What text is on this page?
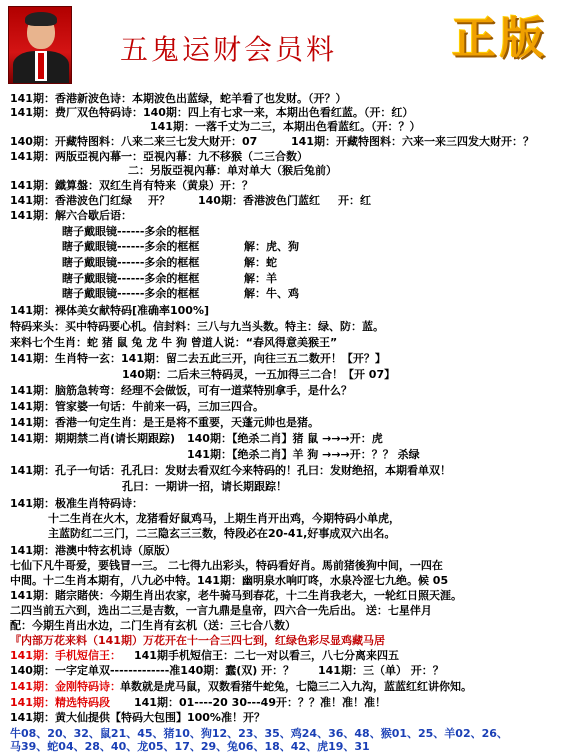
五鬼运财会员料	正版
141期：香港新波色诗：本期波色出蓝绿，蛇羊看了也发财。（开？）
141期：费厂双色特码诗：140期：四上有七求一来，本期出色看红蓝。（开：红）
141期：一落千丈为二三，本期出色看蓝红。（开：？）
140期：开藏特图料：八来二来三七发大财开：07	141期：开藏特图料：六来一来三四发大财开：？
141期：两版亞視內幕一：亞視內幕：九不移猴（二三合数）
二：另版亞視內幕：单对单大（猴后兔前）
141期：鐵算盤：双红生肖有特来（黄泉）开：？
141期：香港波色门红绿 开？	140期：香港波色门蓝红 开：红
141期：解六合歇后语：
瞎子戴眼镜------多余的框框
瞎子戴眼镜------多余的框框	解：虎、狗
瞎子戴眼镜------多余的框框	解：蛇
瞎子戴眼镜------多余的框框	解：羊
瞎子戴眼镜------多余的框框	解：牛、鸡
141期：裸体美女献特码[准确率100%]
特码来头：买中特码要心机。信封料：三八与九当头数。特主：绿、防：蓝。
来料七个生肖：蛇 猪 鼠 兔 龙 牛 狗 曾道人说：“春风得意美猴王”
141期：生肖特一玄：141期：留二去五此三开，向往三五二数开！【开？】
140期：二后未三特码灵，一五加得三二合！【开 07】
141期：脑筋急转弯：经理不会做饭，可有一道菜特别拿手，是什么？
141期：管家婆一句话：牛前来一码，三加三四合。
141期：香港一句定生肖：是王是将不重要，天蓬元帅也是猪。
141期：期期禁二肖(请长期跟踪) 140期：【绝杀二肖】猪 鼠 →→→开：虎
141期：【绝杀二肖】羊 狗 →→→开：？？ 杀绿
141期：孔子一句话：孔孔曰：发财去看双红今来特码的！孔曰：发财绝招，本期看单双！
孔曰：一期讲一招，请长期跟踪！
141期：极准生肖特码诗：
十二生肖在火木，龙猪看好鼠鸡马，上期生肖开出鸡，今期特码小单虎，
主蓝防红二三门，二三隐玄三三数，特段必在20-41,好事成双六出名。
141期：港澳中特玄机诗（原版）
七仙下凡牛哥爱，要钱冒一三。 二七得九出彩头，特码看好肖。馬前猪後狗中间，一四在
中間。十二生肖本期有，八九必中特。141期：幽明泉水响叮咚，水泉冷涩七九绝。候 05
141期：賭宗賭侠：今期生肖出农家，老牛骑马到春花，十二生肖我老大，一轮红日照天涯。
二四当前五六到，选出二三是吉数，一言九鼎是皇帝，四六合一先后出。 送：七星伴月
配：今期生肖出水边，二门生肖有玄机（送：三七合八数）
『内部万花来料（141期）万花开在十一合三四七到，红绿色彩尽显鸡藏马居
141期：手机短信王： 141期手机短信王：二七一对以看三，八七分离来四五
140期：一字定单双-------------准140期：蠢(双) 开：？ 141期：三（单） 开：？
141期：金刚特码诗： 单数就是虎马鼠，双数看猪牛蛇兔，七隐三二入九沟，蓝蓝红红讲你知。
141期：精选特码段 141期：01----20 30---49开：？？准！准！准！
141期：黄大仙提供【特码大包围】100%准！开？
牛08、20、32、鼠21、45、猪10、狗12、23、35、鸡24、36、48、猴01、25、羊02、26、
马39、蛇04、28、40、龙05、17、29、兔06、18、42、虎19、31
